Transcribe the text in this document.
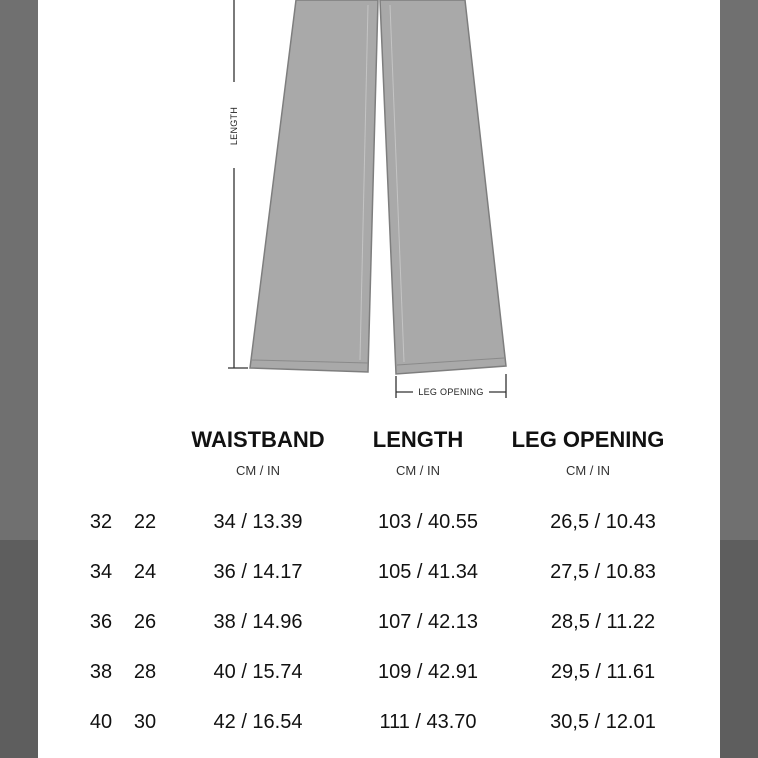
LENGTH
LEG OPENING
WAISTBAND	LENGTH	LEG OPENING
CM / IN	CM / IN	CM / IN
32	22	34 / 13.39	103 / 40.55	26,5 / 10.43
34	24	36 / 14.17	105 / 41.34	27,5 / 10.83
36	26	38 / 14.96	107 / 42.13	28,5 / 11.22
38	28	40 / 15.74	109 / 42.91	29,5 / 11.61
40	30	42 / 16.54	111 / 43.70	30,5 / 12.01
